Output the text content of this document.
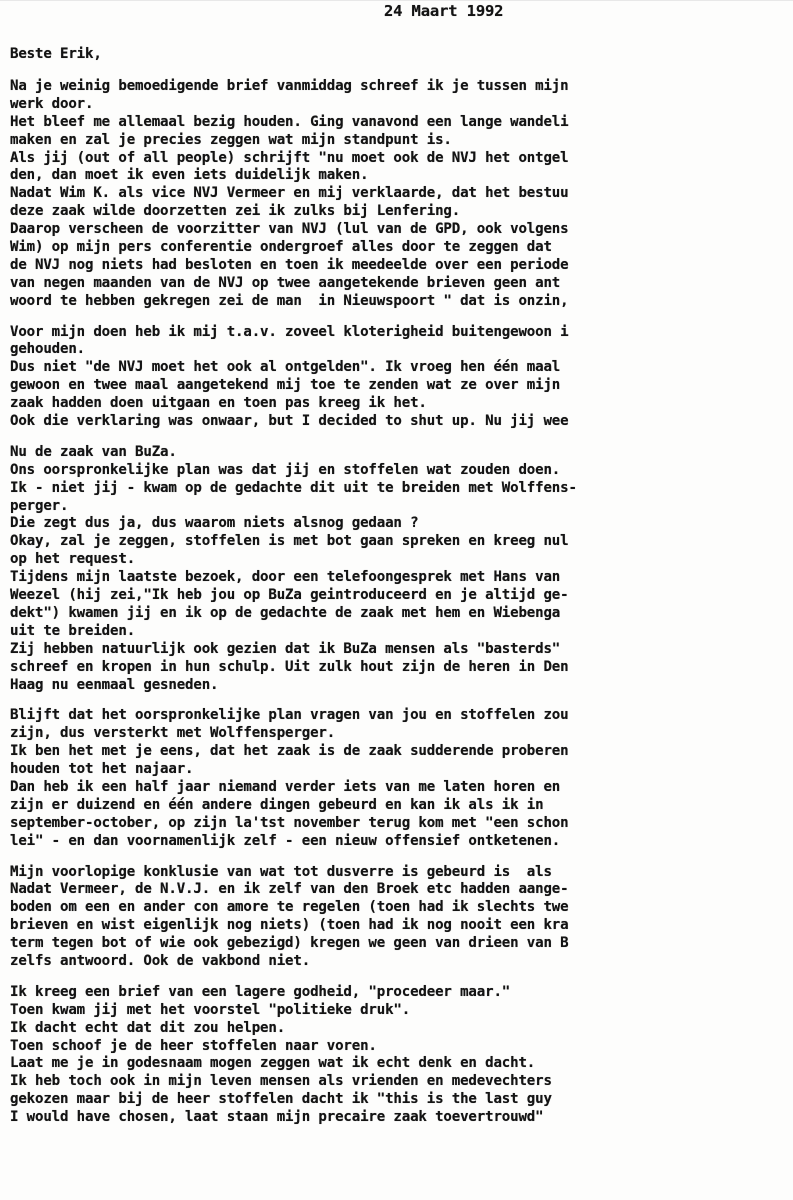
24 Maart 1992
Beste Erik,
Na je weinig bemoedigende brief vanmiddag schreef ik je tussen mijn
werk door.
Het bleef me allemaal bezig houden. Ging vanavond een lange wandeli
maken en zal je precies zeggen wat mijn standpunt is.
Als jij (out of all people) schrijft "nu moet ook de NVJ het ontgel
den, dan moet ik even iets duidelijk maken.
Nadat Wim K. als vice NVJ Vermeer en mij verklaarde, dat het bestuu
deze zaak wilde doorzetten zei ik zulks bij Lenfering.
Daarop verscheen de voorzitter van NVJ (lul van de GPD, ook volgens
Wim) op mijn pers conferentie ondergroef alles door te zeggen dat
de NVJ nog niets had besloten en toen ik meedeelde over een periode
van negen maanden van de NVJ op twee aangetekende brieven geen ant
woord te hebben gekregen zei de man  in Nieuwspoort " dat is onzin,
Voor mijn doen heb ik mij t.a.v. zoveel kloterigheid buitengewoon i
gehouden.
Dus niet "de NVJ moet het ook al ontgelden". Ik vroeg hen één maal
gewoon en twee maal aangetekend mij toe te zenden wat ze over mijn
zaak hadden doen uitgaan en toen pas kreeg ik het.
Ook die verklaring was onwaar, but I decided to shut up. Nu jij wee
Nu de zaak van BuZa.
Ons oorspronkelijke plan was dat jij en stoffelen wat zouden doen.
Ik - niet jij - kwam op de gedachte dit uit te breiden met Wolffens-
perger.
Die zegt dus ja, dus waarom niets alsnog gedaan ?
Okay, zal je zeggen, stoffelen is met bot gaan spreken en kreeg nul
op het request.
Tijdens mijn laatste bezoek, door een telefoongesprek met Hans van
Weezel (hij zei,"Ik heb jou op BuZa geintroduceerd en je altijd ge-
dekt") kwamen jij en ik op de gedachte de zaak met hem en Wiebenga
uit te breiden.
Zij hebben natuurlijk ook gezien dat ik BuZa mensen als "basterds"
schreef en kropen in hun schulp. Uit zulk hout zijn de heren in Den
Haag nu eenmaal gesneden.
Blijft dat het oorspronkelijke plan vragen van jou en stoffelen zou
zijn, dus versterkt met Wolffensperger.
Ik ben het met je eens, dat het zaak is de zaak sudderende proberen
houden tot het najaar.
Dan heb ik een half jaar niemand verder iets van me laten horen en
zijn er duizend en één andere dingen gebeurd en kan ik als ik in
september-october, op zijn la'tst november terug kom met "een schon
lei" - en dan voornamenlijk zelf - een nieuw offensief ontketenen.
Mijn voorlopige konklusie van wat tot dusverre is gebeurd is  als
Nadat Vermeer, de N.V.J. en ik zelf van den Broek etc hadden aange-
boden om een en ander con amore te regelen (toen had ik slechts twe
brieven en wist eigenlijk nog niets) (toen had ik nog nooit een kra
term tegen bot of wie ook gebezigd) kregen we geen van drieen van B
zelfs antwoord. Ook de vakbond niet.
Ik kreeg een brief van een lagere godheid, "procedeer maar."
Toen kwam jij met het voorstel "politieke druk".
Ik dacht echt dat dit zou helpen.
Toen schoof je de heer stoffelen naar voren.
Laat me je in godesnaam mogen zeggen wat ik echt denk en dacht.
Ik heb toch ook in mijn leven mensen als vrienden en medevechters
gekozen maar bij de heer stoffelen dacht ik "this is the last guy
I would have chosen, laat staan mijn precaire zaak toevertrouwd"
